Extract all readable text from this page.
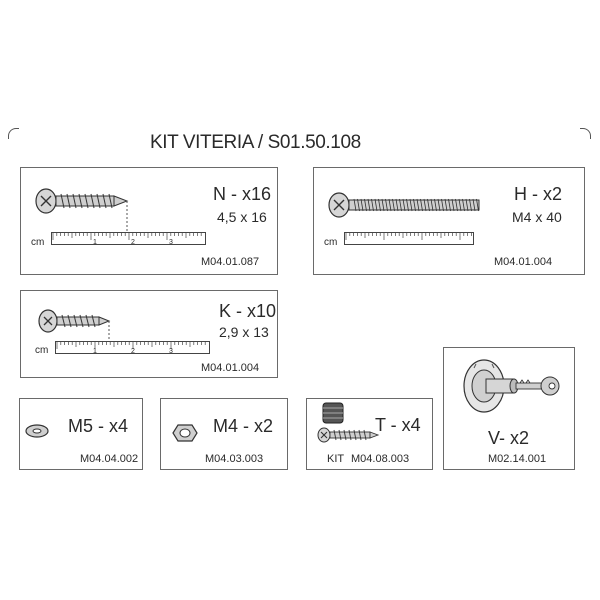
KIT VITERIA / S01.50.108
cm	1	2	3
N - x16
4,5 x 16
M04.01.087
cm
H - x2
M4 x 40
M04.01.004
cm	1	2	3
K - x10
2,9 x 13
M04.01.004
M5 - x4
M04.04.002
M4 - x2
M04.03.003
T - x4
KIT M04.08.003
V- x2
M02.14.001
